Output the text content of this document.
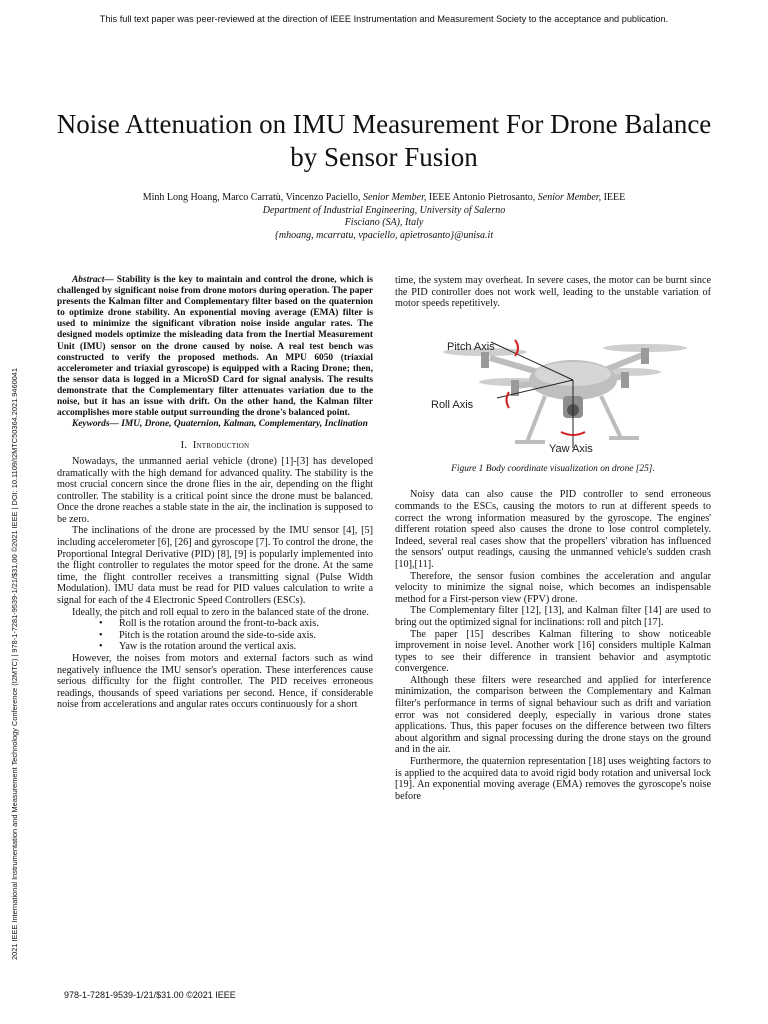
This full text paper was peer-reviewed at the direction of IEEE Instrumentation and Measurement Society to the acceptance and publication.
2021 IEEE International Instrumentation and Measurement Technology Conference (I2MTC) | 978-1-7281-9539-1/21/$31.00 ©2021 IEEE | DOI: 10.1109/I2MTC50364.2021.9460041
Noise Attenuation on IMU Measurement For Drone Balance by Sensor Fusion
Minh Long Hoang, Marco Carratù, Vincenzo Paciello, Senior Member, IEEE Antonio Pietrosanto, Senior Member, IEEE
Department of Industrial Engineering, University of Salerno
Fisciano (SA), Italy
{mhoang, mcarratu, vpaciello, apietrosanto}@unisa.it

Abstract— Stability is the key to maintain and control the drone, which is challenged by significant noise from drone motors during operation. The paper presents the Kalman filter and Complementary filter based on the quaternion to optimize drone stability. An exponential moving average (EMA) filter is used to minimize the significant vibration noise inside angular rates. The designed models optimize the misleading data from the Inertial Measurement Unit (IMU) sensor on the drone caused by noise. A real test bench was constructed to verify the proposed methods. An MPU 6050 (triaxial accelerometer and triaxial gyroscope) is equipped with a Racing Drone; then, the sensor data is logged in a MicroSD Card for signal analysis. The results demonstrate that the Complementary filter attenuates variation due to the noise, but it has an issue with drift. On the other hand, the Kalman filter accomplishes more stable output surrounding the drone's balanced point.

Keywords— IMU, Drone, Quaternion, Kalman, Complementary, Inclination

I. Introduction

Nowadays, the unmanned aerial vehicle (drone) [1]-[3] has developed dramatically with the high demand for advanced quality. The stability is the most crucial concern since the drone flies in the air, depending on the flight controller. The stability is a critical point since the drone must be balanced. Once the drone reaches a stable state in the air, the inclination is supposed to be zero.

The inclinations of the drone are processed by the IMU sensor [4], [5] including accelerometer [6], [26] and gyroscope [7]. To control the drone, the Proportional Integral Derivative (PID) [8], [9] is popularly implemented into the flight controller to regulates the motor speed for the drone. At the same time, the flight controller receives a transmitting signal (Pulse Width Modulation). IMU data must be read for PID values calculation to write a signal for each of the 4 Electronic Speed Controllers (ESCs).

Ideally, the pitch and roll equal to zero in the balanced state of the drone.

• Roll is the rotation around the front-to-back axis.
• Pitch is the rotation around the side-to-side axis.
• Yaw is the rotation around the vertical axis.

However, the noises from motors and external factors such as wind negatively influence the IMU sensor's operation. These interferences cause serious difficulty for the flight controller. The PID receives erroneous readings, thousands of speed variations per second. Hence, if considerable noise from accelerations and angular rates occurs continuously for a short

time, the system may overheat. In severe cases, the motor can be burnt since the PID controller does not work well, leading to the unstable variation of motor speeds repetitively.

Pitch Axis
Roll Axis
Yaw Axis
Figure 1 Body coordinate visualization on drone [25].

Noisy data can also cause the PID controller to send erroneous commands to the ESCs, causing the motors to run at different speeds to correct the wrong information measured by the gyroscope. The engines' different rotation speed also causes the drone to lose control completely. Indeed, several real cases show that the propellers' vibration has influenced the sensors' output readings, causing the unmanned vehicle's sudden crash [10],[11].

Therefore, the sensor fusion combines the acceleration and angular velocity to minimize the signal noise, which becomes an indispensable method for a First-person view (FPV) drone.

The Complementary filter [12], [13], and Kalman filter [14] are used to bring out the optimized signal for inclinations: roll and pitch [17].

The paper [15] describes Kalman filtering to show noticeable improvement in noise level. Another work [16] considers multiple Kalman types to see their difference in transient behavior and asymptotic convergence.

Although these filters were researched and applied for interference minimization, the comparison between the Complementary and Kalman filter's performance in terms of signal behaviour such as drift and variation error was not considered deeply, especially in various drone states applications. Thus, this paper focuses on the difference between two filters about algorithm and signal processing during the drone stays on the ground and in the air.

Furthermore, the quaternion representation [18] uses weighting factors to is applied to the acquired data to avoid rigid body rotation and universal lock [19]. An exponential moving average (EMA) removes the gyroscope's noise before

978-1-7281-9539-1/21/$31.00 ©2021 IEEE
